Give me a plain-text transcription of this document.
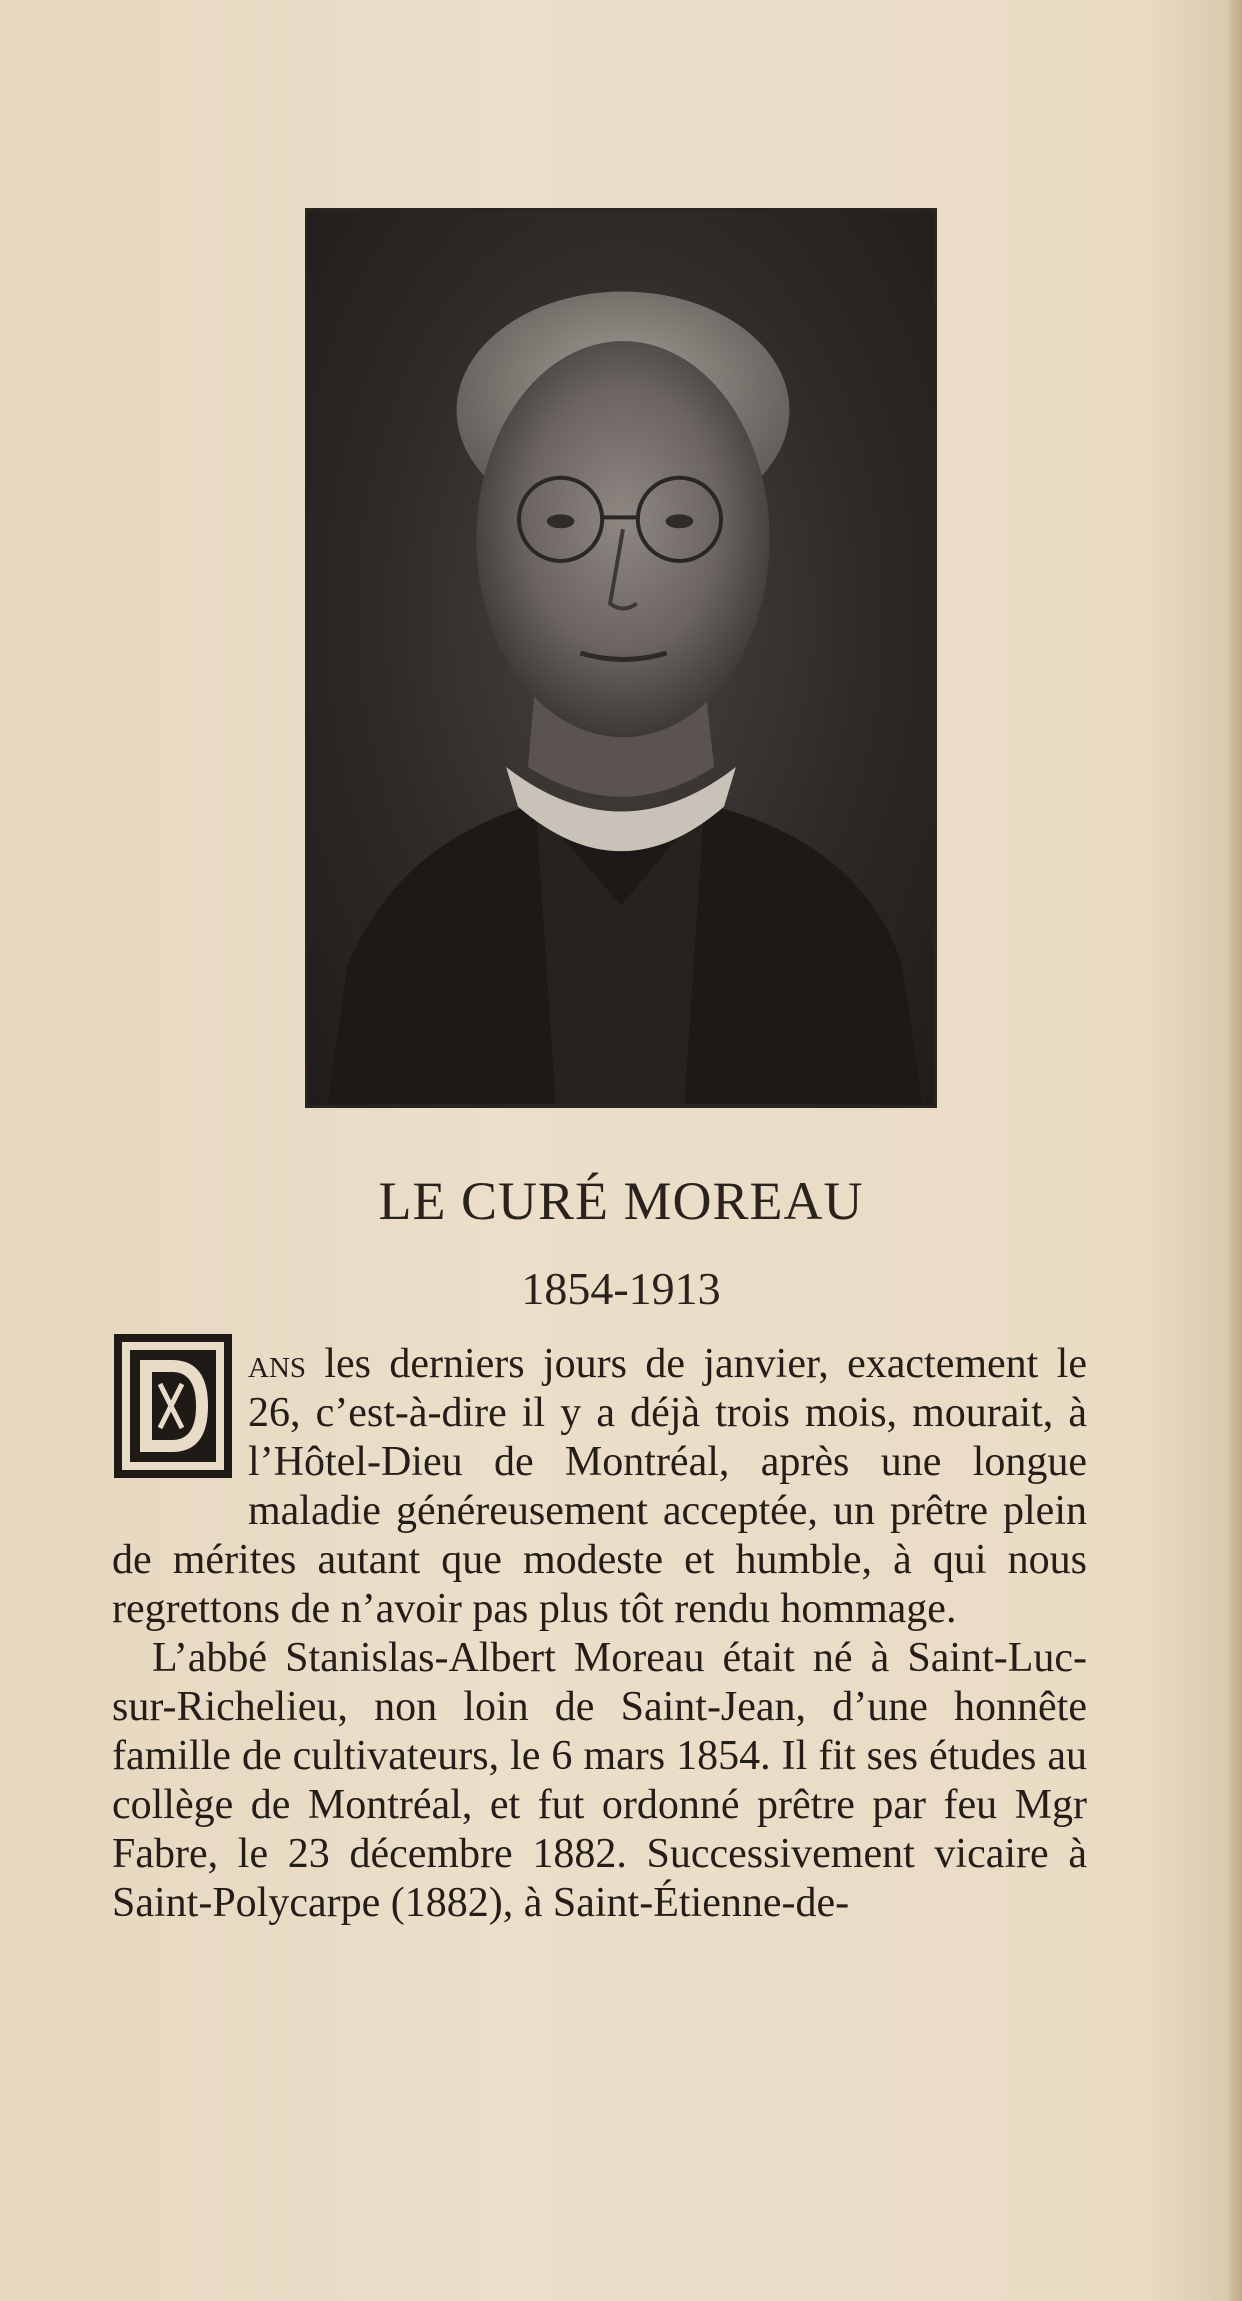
LE CURÉ MOREAU
1854-1913

ans les derniers jours de janvier, exactement le 26, c’est-à-dire il y a déjà trois mois, mourait, à l’Hôtel-Dieu de Montréal, après une longue maladie généreusement acceptée, un prêtre plein de mérites autant que modeste et humble, à qui nous regrettons de n’avoir pas plus tôt rendu hommage.

L’abbé Stanislas-Albert Moreau était né à Saint-Luc-sur-Richelieu, non loin de Saint-Jean, d’une honnête famille de cultivateurs, le 6 mars 1854. Il fit ses études au collège de Montréal, et fut ordonné prêtre par feu Mgr Fabre, le 23 décembre 1882. Successivement vicaire à Saint-Polycarpe (1882), à Saint-Étienne-de-
